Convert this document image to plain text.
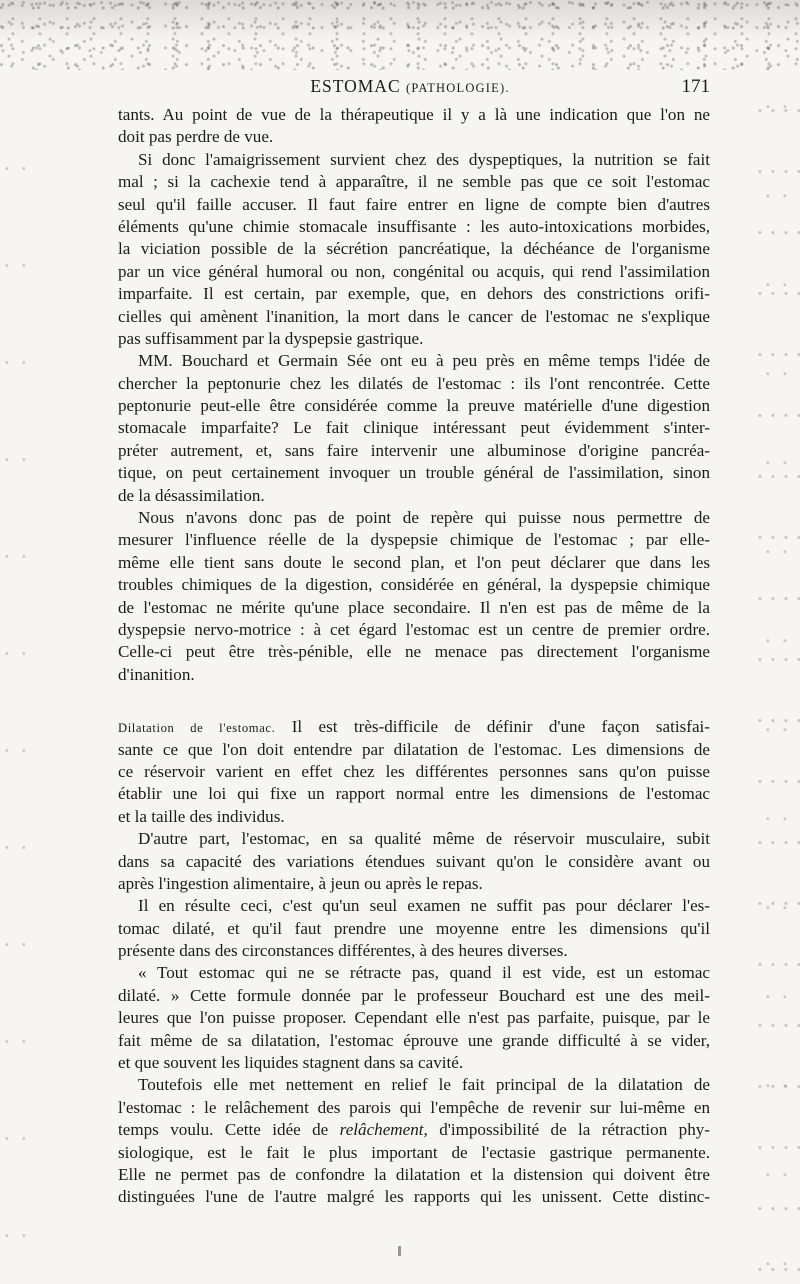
ESTOMAC (PATHOLOGIE).	171
tants. Au point de vue de la thérapeutique il y a là une indication que l'on ne
doit pas perdre de vue.
Si donc l'amaigrissement survient chez des dyspeptiques, la nutrition se fait
mal ; si la cachexie tend à apparaître, il ne semble pas que ce soit l'estomac
seul qu'il faille accuser. Il faut faire entrer en ligne de compte bien d'autres
éléments qu'une chimie stomacale insuffisante : les auto-intoxications morbides,
la viciation possible de la sécrétion pancréatique, la déchéance de l'organisme
par un vice général humoral ou non, congénital ou acquis, qui rend l'assimilation
imparfaite. Il est certain, par exemple, que, en dehors des constrictions orifi-
cielles qui amènent l'inanition, la mort dans le cancer de l'estomac ne s'explique
pas suffisamment par la dyspepsie gastrique.
MM. Bouchard et Germain Sée ont eu à peu près en même temps l'idée de
chercher la peptonurie chez les dilatés de l'estomac : ils l'ont rencontrée. Cette
peptonurie peut-elle être considérée comme la preuve matérielle d'une digestion
stomacale imparfaite? Le fait clinique intéressant peut évidemment s'inter-
préter autrement, et, sans faire intervenir une albuminose d'origine pancréa-
tique, on peut certainement invoquer un trouble général de l'assimilation, sinon
de la désassimilation.
Nous n'avons donc pas de point de repère qui puisse nous permettre de
mesurer l'influence réelle de la dyspepsie chimique de l'estomac ; par elle-
même elle tient sans doute le second plan, et l'on peut déclarer que dans les
troubles chimiques de la digestion, considérée en général, la dyspepsie chimique
de l'estomac ne mérite qu'une place secondaire. Il n'en est pas de même de la
dyspepsie nervo-motrice : à cet égard l'estomac est un centre de premier ordre.
Celle-ci peut être très-pénible, elle ne menace pas directement l'organisme
d'inanition.
Dilatation de l'estomac. Il est très-difficile de définir d'une façon satisfai-
sante ce que l'on doit entendre par dilatation de l'estomac. Les dimensions de
ce réservoir varient en effet chez les différentes personnes sans qu'on puisse
établir une loi qui fixe un rapport normal entre les dimensions de l'estomac
et la taille des individus.
D'autre part, l'estomac, en sa qualité même de réservoir musculaire, subit
dans sa capacité des variations étendues suivant qu'on le considère avant ou
après l'ingestion alimentaire, à jeun ou après le repas.
Il en résulte ceci, c'est qu'un seul examen ne suffit pas pour déclarer l'es-
tomac dilaté, et qu'il faut prendre une moyenne entre les dimensions qu'il
présente dans des circonstances différentes, à des heures diverses.
« Tout estomac qui ne se rétracte pas, quand il est vide, est un estomac
dilaté. » Cette formule donnée par le professeur Bouchard est une des meil-
leures que l'on puisse proposer. Cependant elle n'est pas parfaite, puisque, par le
fait même de sa dilatation, l'estomac éprouve une grande difficulté à se vider,
et que souvent les liquides stagnent dans sa cavité.
Toutefois elle met nettement en relief le fait principal de la dilatation de
l'estomac : le relâchement des parois qui l'empêche de revenir sur lui-même en
temps voulu. Cette idée de relâchement, d'impossibilité de la rétraction phy-
siologique, est le fait le plus important de l'ectasie gastrique permanente.
Elle ne permet pas de confondre la dilatation et la distension qui doivent être
distinguées l'une de l'autre malgré les rapports qui les unissent. Cette distinc-
